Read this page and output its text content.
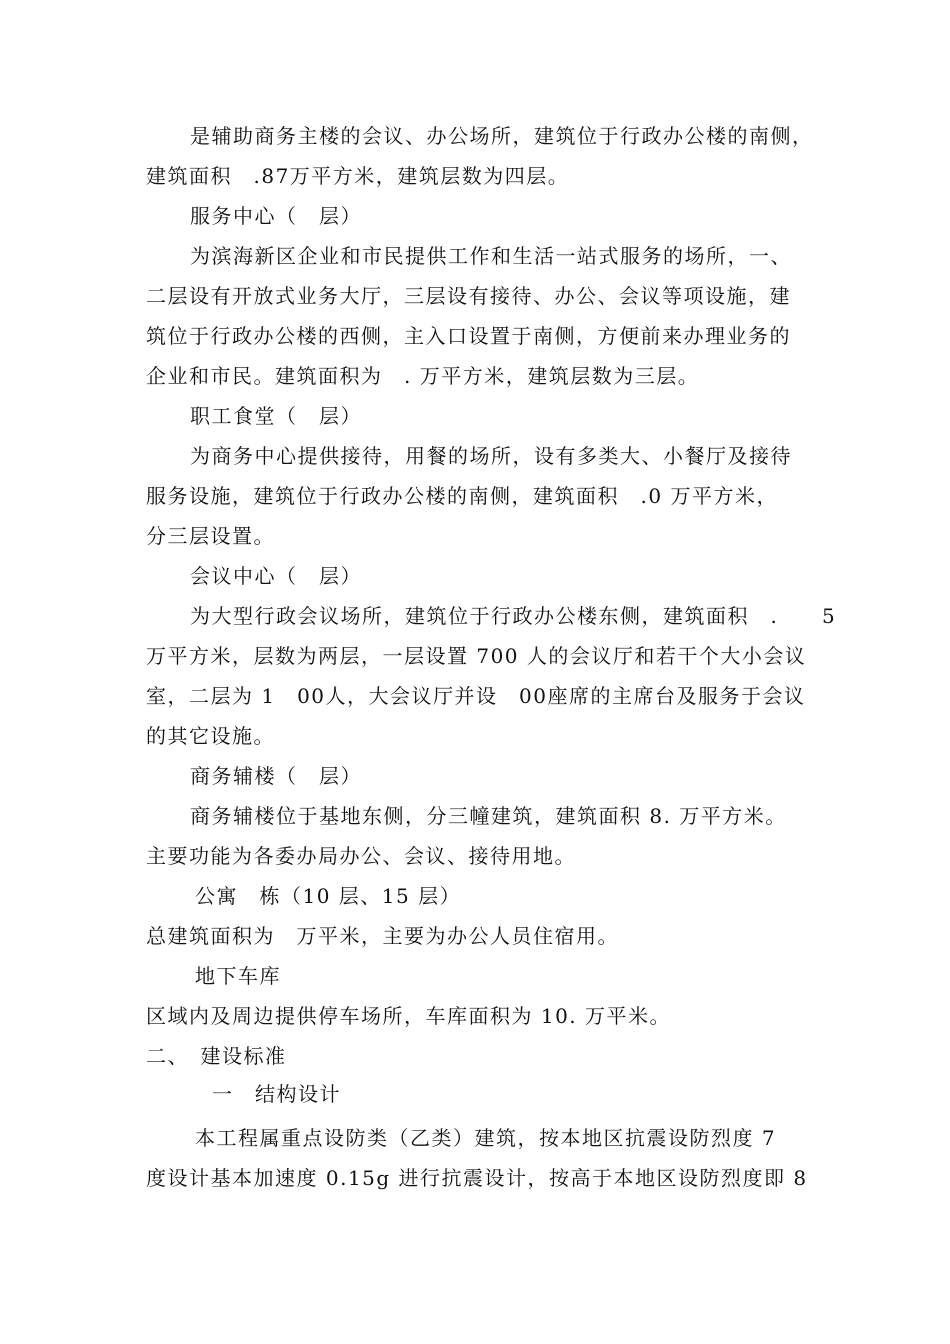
是辅助商务主楼的会议、办公场所，建筑位于行政办公楼的南侧，
建筑面积　.87万平方米，建筑层数为四层。
服务中心（　层）
为滨海新区企业和市民提供工作和生活一站式服务的场所，一、
二层设有开放式业务大厅，三层设有接待、办公、会议等项设施，建
筑位于行政办公楼的西侧，主入口设置于南侧，方便前来办理业务的
企业和市民。建筑面积为　. 万平方米，建筑层数为三层。
职工食堂（　层）
为商务中心提供接待，用餐的场所，设有多类大、小餐厅及接待
服务设施，建筑位于行政办公楼的南侧，建筑面积　.0 万平方米，
分三层设置。
会议中心（　层）
为大型行政会议场所，建筑位于行政办公楼东侧，建筑面积　. 5
万平方米，层数为两层，一层设置 700 人的会议厅和若干个大小会议
室，二层为 1　00人，大会议厅并设　00座席的主席台及服务于会议
的其它设施。
商务辅楼（　层）
商务辅楼位于基地东侧，分三幢建筑，建筑面积 8. 万平方米。
主要功能为各委办局办公、会议、接待用地。
公寓　栋（10 层、15 层）
总建筑面积为　万平米，主要为办公人员住宿用。
地下车库
区域内及周边提供停车场所，车库面积为 10. 万平米。
二、　建设标准
一　结构设计
本工程属重点设防类（乙类）建筑，按本地区抗震设防烈度 7
度设计基本加速度 0.15g 进行抗震设计，按高于本地区设防烈度即 8
